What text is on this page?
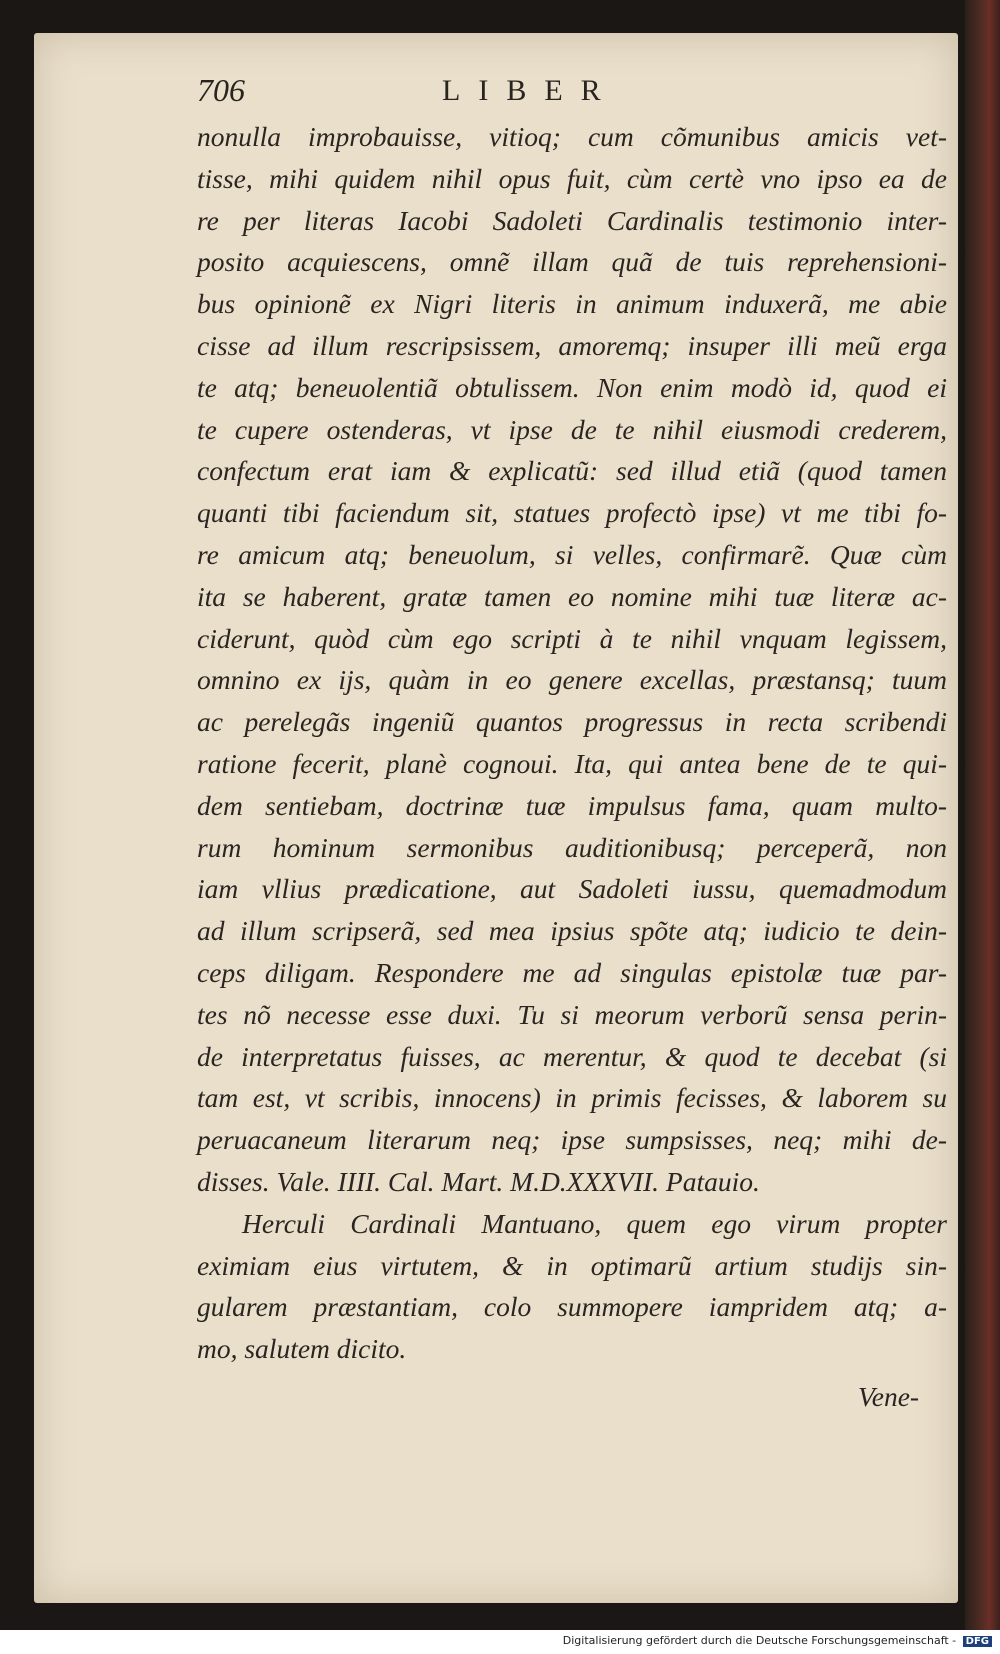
706	LIBER
nonulla improbauisse, vitioq; cum cõmunibus amicis vet-
tisse, mihi quidem nihil opus fuit, cùm certè vno ipso ea de
re per literas Iacobi Sadoleti Cardinalis testimonio inter-
posito acquiescens, omnẽ illam quã de tuis reprehensioni-
bus opinionẽ ex Nigri literis in animum induxerã, me abie
cisse ad illum rescripsissem, amoremq; insuper illi meũ erga
te atq; beneuolentiã obtulissem. Non enim modò id, quod ei
te cupere ostenderas, vt ipse de te nihil eiusmodi crederem,
confectum erat iam & explicatũ: sed illud etiã (quod tamen
quanti tibi faciendum sit, statues profectò ipse) vt me tibi fo-
re amicum atq; beneuolum, si velles, confirmarẽ. Quæ cùm
ita se haberent, gratæ tamen eo nomine mihi tuæ literæ ac-
ciderunt, quòd cùm ego scripti à te nihil vnquam legissem,
omnino ex ijs, quàm in eo genere excellas, præstansq; tuum
ac perelegãs ingeniũ quantos progressus in recta scribendi
ratione fecerit, planè cognoui. Ita, qui antea bene de te qui-
dem sentiebam, doctrinæ tuæ impulsus fama, quam multo-
rum hominum sermonibus auditionibusq; perceperã, non
iam vllius prædicatione, aut Sadoleti iussu, quemadmodum
ad illum scripserã, sed mea ipsius spõte atq; iudicio te dein-
ceps diligam. Respondere me ad singulas epistolæ tuæ par-
tes nõ necesse esse duxi. Tu si meorum verborũ sensa perin-
de interpretatus fuisses, ac merentur, & quod te decebat (si
tam est, vt scribis, innocens) in primis fecisses, & laborem su
peruacaneum literarum neq; ipse sumpsisses, neq; mihi de-
disses. Vale. IIII. Cal. Mart. M.D.XXXVII. Patauio.
Herculi Cardinali Mantuano, quem ego virum propter
eximiam eius virtutem, & in optimarũ artium studijs sin-
gularem præstantiam, colo summopere iampridem atq; a-
mo, salutem dicito.
Vene-
Digitalisierung gefördert durch die Deutsche Forschungsgemeinschaft - DFG
